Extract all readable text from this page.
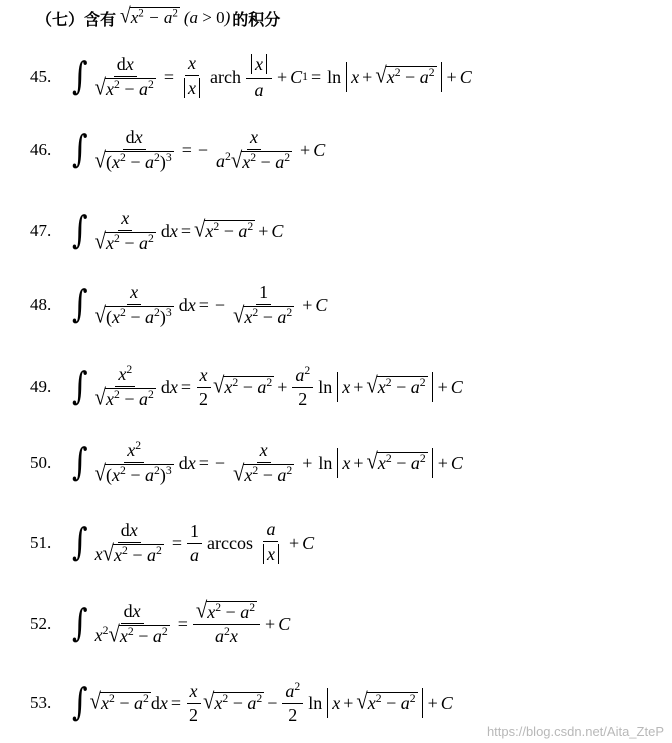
（七）含有 √ $x^2 - a^2$ (a > 0) 的积分
45. ∫ $\frac{dx}{√ x^2 - a^2} = \frac{x}{x}$ arch $\frac{x}{a} + C$ 1 = ln x + √ $x^2 - a^2 + C$
46. ∫ $\frac{dx}{√ (x^2 - a^2)^3}$ = − $\frac{x}{a^2 √ x^2 - a^2} + C$
47. ∫ $\frac{x}{√ x^2 - a^2}$ dx = √ $x^2 - a^2 + C$
48. ∫ $\frac{x}{√ (x^2 - a^2)^3}$ dx = − $\frac{1}{√ x^2 - a^2} + C$
49. ∫ $\frac{x^2}{√ x^2 - a^2}$ dx = $\frac{x}{2}$ √ $x^2 - a^2 + \frac{a^2}{2}$ ln x + √ $x^2 - a^2 + C$
50. ∫ $\frac{x^2}{√ (x^2 - a^2)^3}$ dx = − $\frac{x}{√ x^2 - a^2} + \ln x$ + √ $x^2 - a^2 + C$
51. ∫ $\frac{dx}{x √ x^2 - a^2} = \frac{1}{a}$ $\arccos \frac{a}{x} + C$
52. ∫ $\frac{dx}{x^2 √ x^2 - a^2} = \frac{√ x^2 - a^2}{a^2x} + C$
53. ∫ √ $x^2 - a^2$ dx = $\frac{x}{2}$ √ $x^2 - a^2 - \frac{a^2}{2}$ ln x + √ $x^2 - a^2 + C$
https://blog.csdn.net/Aita_ZteP
